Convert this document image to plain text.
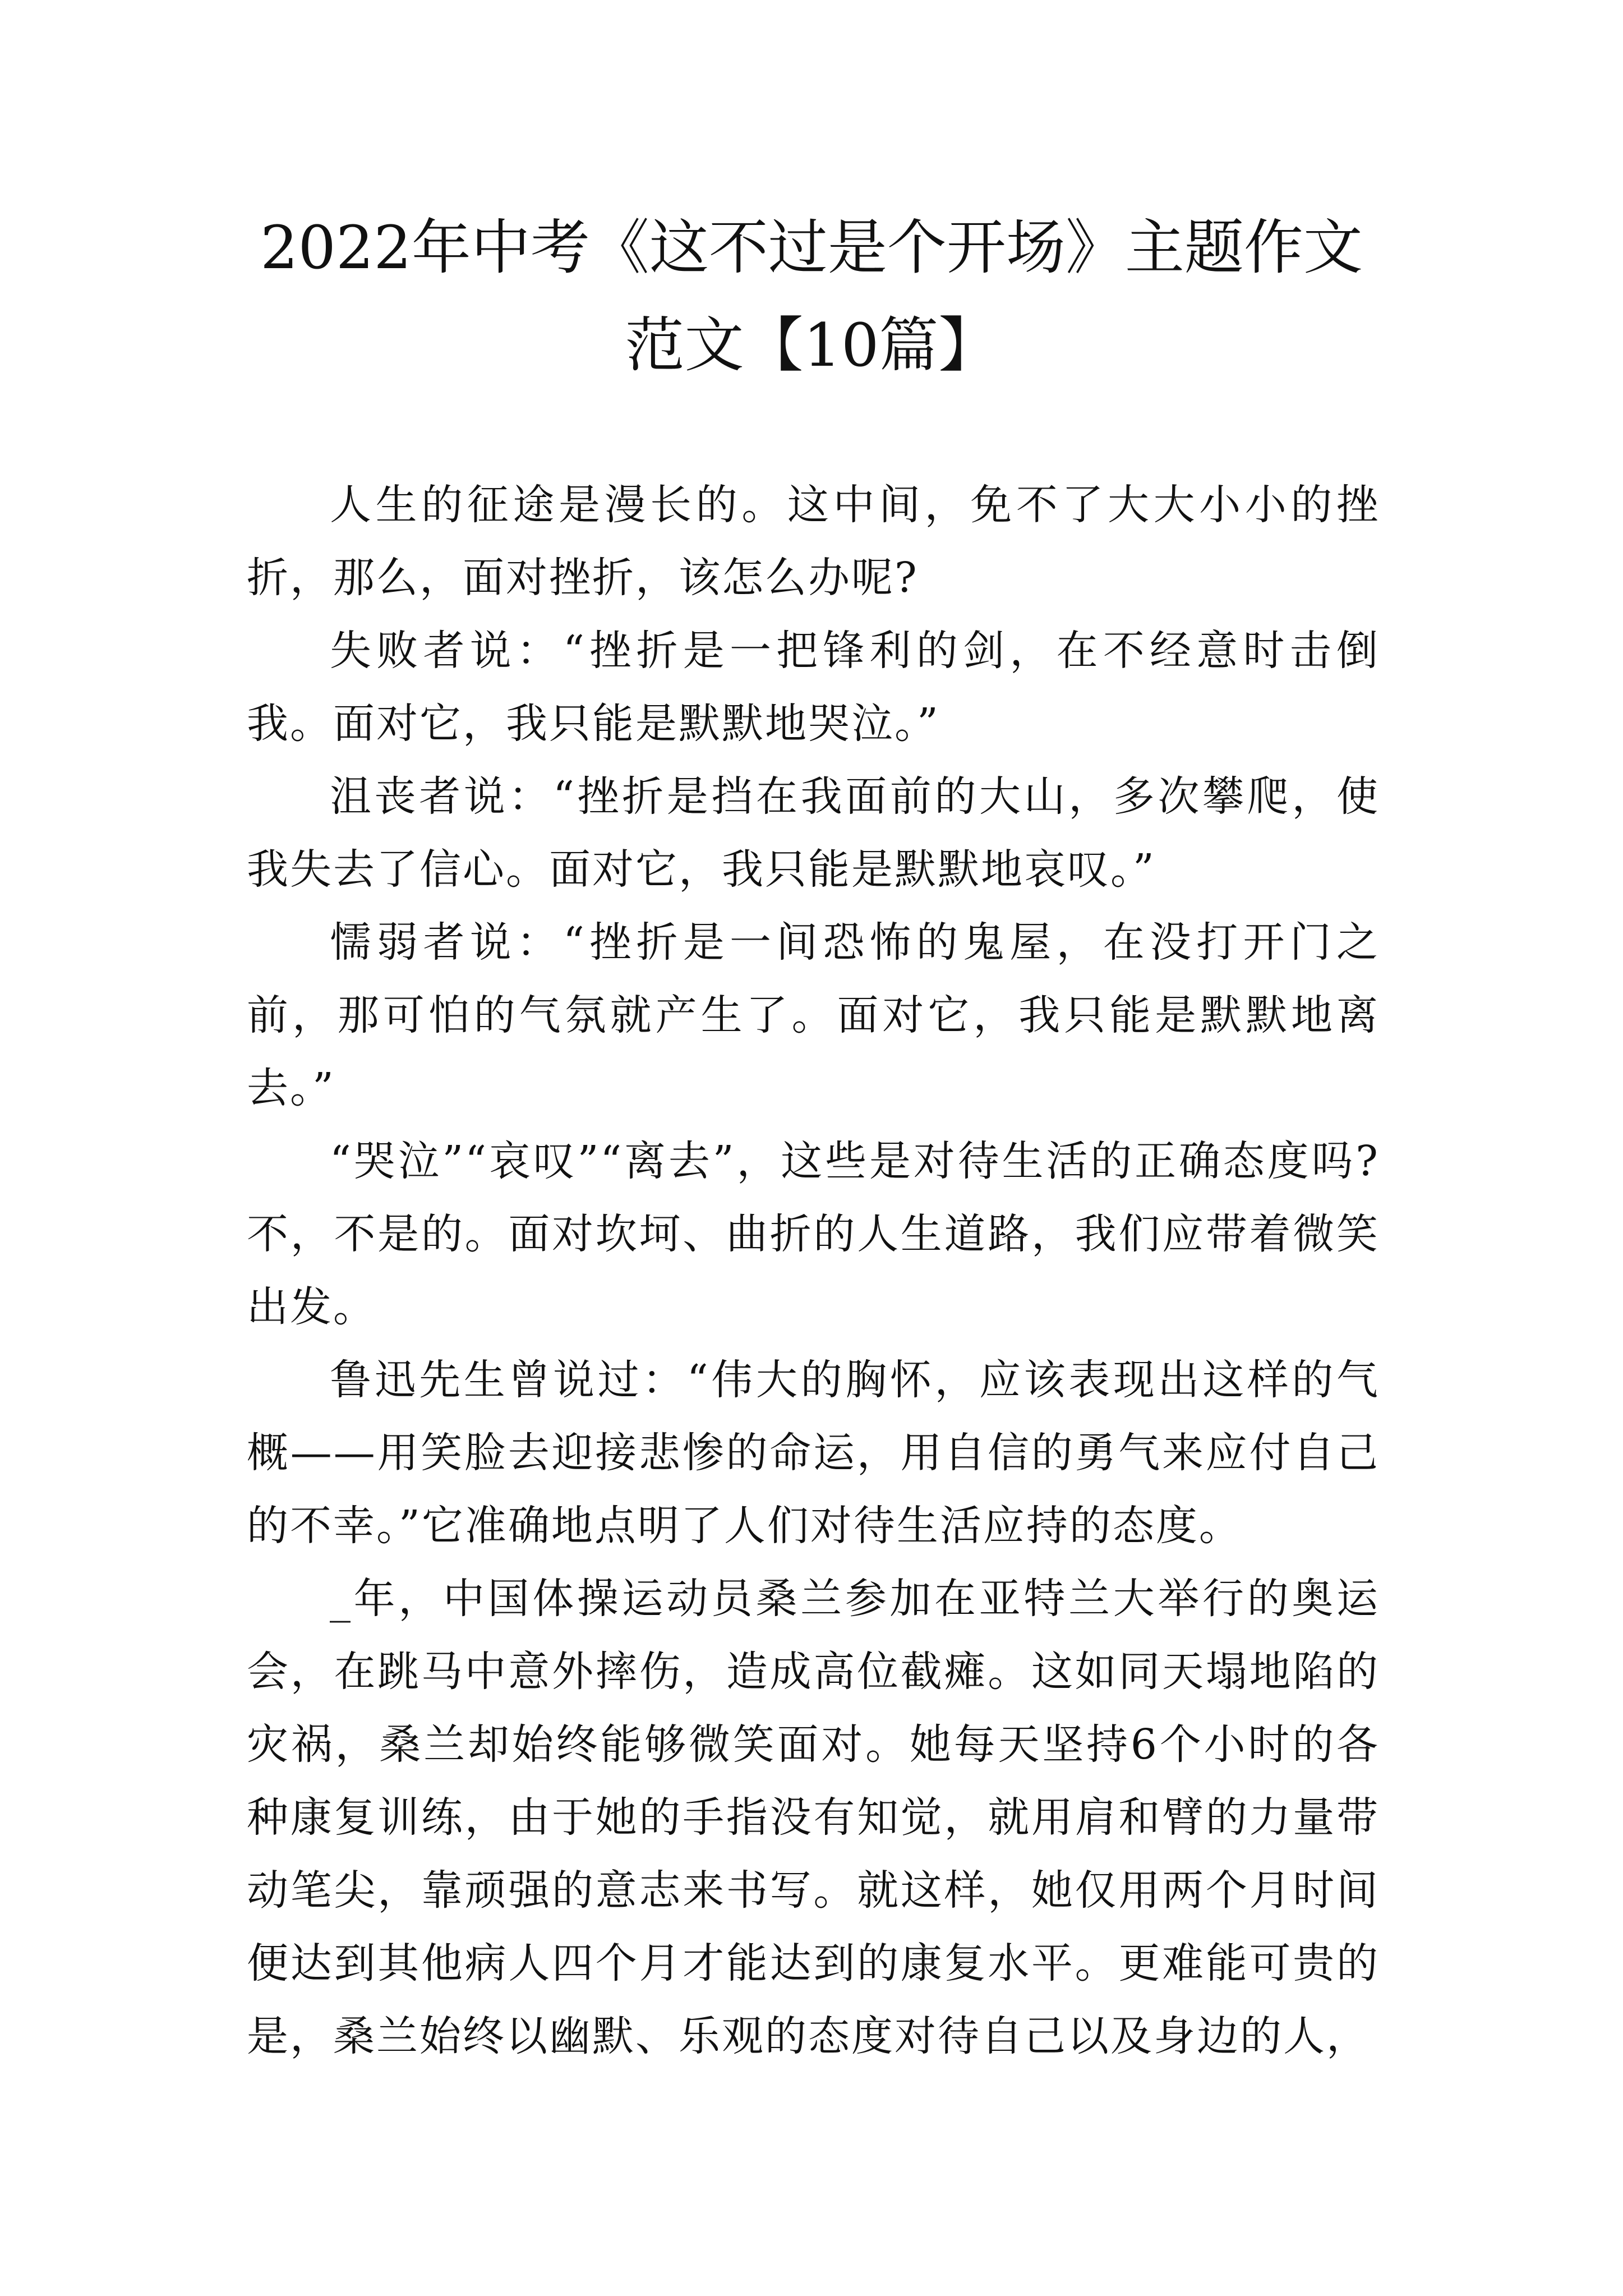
2022年中考《这不过是个开场》主题作文范文【10篇】

人生的征途是漫长的。这中间，免不了大大小小的挫折，那么，面对挫折，该怎么办呢?

失败者说：“挫折是一把锋利的剑，在不经意时击倒我。面对它，我只能是默默地哭泣。”

沮丧者说：“挫折是挡在我面前的大山，多次攀爬，使我失去了信心。面对它，我只能是默默地哀叹。”

懦弱者说：“挫折是一间恐怖的鬼屋，在没打开门之前，那可怕的气氛就产生了。面对它，我只能是默默地离去。”

“哭泣”“哀叹”“离去”，这些是对待生活的正确态度吗?不，不是的。面对坎坷、曲折的人生道路，我们应带着微笑出发。

鲁迅先生曾说过：“伟大的胸怀，应该表现出这样的气概——用笑脸去迎接悲惨的命运，用自信的勇气来应付自己的不幸。”它准确地点明了人们对待生活应持的态度。

_年，中国体操运动员桑兰参加在亚特兰大举行的奥运会，在跳马中意外摔伤，造成高位截瘫。这如同天塌地陷的灾祸，桑兰却始终能够微笑面对。她每天坚持6个小时的各种康复训练，由于她的手指没有知觉，就用肩和臂的力量带动笔尖，靠顽强的意志来书写。就这样，她仅用两个月时间便达到其他病人四个月才能达到的康复水平。更难能可贵的是，桑兰始终以幽默、乐观的态度对待自己以及身边的人，
